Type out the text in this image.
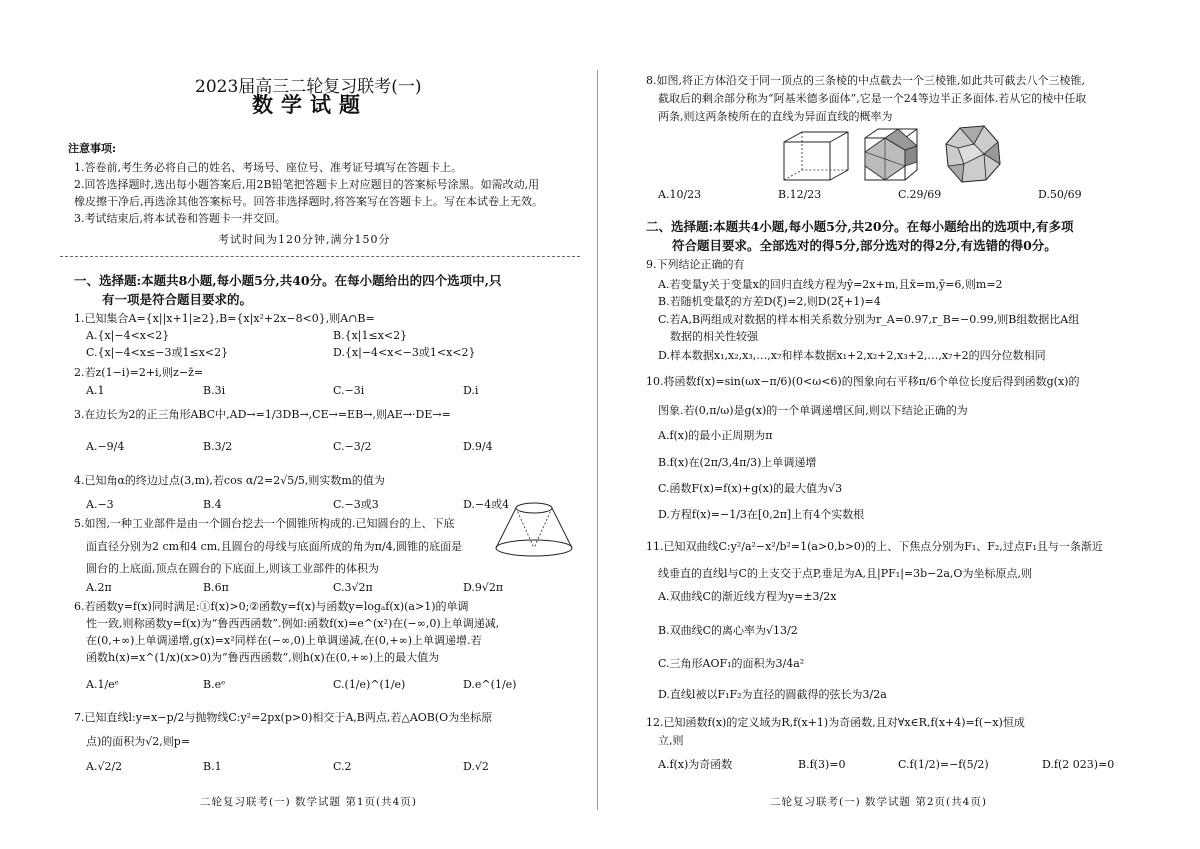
2023届高三二轮复习联考(一)
数学试题
注意事项:
1.答卷前,考生务必将自己的姓名、考场号、座位号、准考证号填写在答题卡上。
2.回答选择题时,选出每小题答案后,用2B铅笔把答题卡上对应题目的答案标号涂黑。如需改动,用
橡皮擦干净后,再选涂其他答案标号。回答非选择题时,将答案写在答题卡上。写在本试卷上无效。
3.考试结束后,将本试卷和答题卡一并交回。
考试时间为120分钟,满分150分
一、选择题:本题共8小题,每小题5分,共40分。在每小题给出的四个选项中,只
有一项是符合题目要求的。
1.已知集合A={x||x+1|≥2},B={x|x²+2x−8<0},则A∩B=
A.{x|−4<x<2}	B.{x|1≤x<2}
C.{x|−4<x≤−3或1≤x<2}	D.{x|−4<x<−3或1<x<2}
2.若z(1−i)=2+i,则z−z̄=
A.1	B.3i	C.−3i	D.i
3.在边长为2的正三角形ABC中,AD→=1/3DB→,CE→=EB→,则AE→·DE→=
A.−9/4	B.3/2	C.−3/2	D.9/4
4.已知角α的终边过点(3,m),若cos α/2=2√5/5,则实数m的值为
A.−3	B.4	C.−3或3	D.−4或4
5.如图,一种工业部件是由一个圆台挖去一个圆锥所构成的.已知圆台的上、下底
面直径分别为2 cm和4 cm,且圆台的母线与底面所成的角为π/4,圆锥的底面是
圆台的上底面,顶点在圆台的下底面上,则该工业部件的体积为
A.2π	B.6π	C.3√2π	D.9√2π
6.若函数y=f(x)同时满足:①f(x)>0;②函数y=f(x)与函数y=logₐf(x)(a>1)的单调
性一致,则称函数y=f(x)为“鲁西西函数”.例如:函数f(x)=e^(x²)在(−∞,0)上单调递减,
在(0,+∞)上单调递增,g(x)=x²同样在(−∞,0)上单调递减,在(0,+∞)上单调递增.若
函数h(x)=x^(1/x)(x>0)为“鲁西西函数”,则h(x)在(0,+∞)上的最大值为
A.1/eᵉ	B.eᵉ	C.(1/e)^(1/e)	D.e^(1/e)
7.已知直线l:y=x−p/2与抛物线C:y²=2px(p>0)相交于A,B两点,若△AOB(O为坐标原
点)的面积为√2,则p=
A.√2/2	B.1	C.2	D.√2
二轮复习联考(一) 数学试题 第1页(共4页)
8.如图,将正方体沿交于同一顶点的三条棱的中点截去一个三棱锥,如此共可截去八个三棱锥,
截取后的剩余部分称为“阿基米德多面体”,它是一个24等边半正多面体.若从它的棱中任取
两条,则这两条棱所在的直线为异面直线的概率为
A.10/23	B.12/23	C.29/69	D.50/69
二、选择题:本题共4小题,每小题5分,共20分。在每小题给出的选项中,有多项
符合题目要求。全部选对的得5分,部分选对的得2分,有选错的得0分。
9.下列结论正确的有
A.若变量y关于变量x的回归直线方程为ŷ=2x+m,且x̄=m,ȳ=6,则m=2
B.若随机变量ξ的方差D(ξ)=2,则D(2ξ+1)=4
C.若A,B两组成对数据的样本相关系数分别为r_A=0.97,r_B=−0.99,则B组数据比A组
数据的相关性较强
D.样本数据x₁,x₂,x₃,…,x₇和样本数据x₁+2,x₂+2,x₃+2,…,x₇+2的四分位数相同
10.将函数f(x)=sin(ωx−π/6)(0<ω<6)的图象向右平移π/6个单位长度后得到函数g(x)的
图象.若(0,π/ω)是g(x)的一个单调递增区间,则以下结论正确的为
A.f(x)的最小正周期为π
B.f(x)在(2π/3,4π/3)上单调递增
C.函数F(x)=f(x)+g(x)的最大值为√3
D.方程f(x)=−1/3在[0,2π]上有4个实数根
11.已知双曲线C:y²/a²−x²/b²=1(a>0,b>0)的上、下焦点分别为F₁、F₂,过点F₁且与一条渐近
线垂直的直线l与C的上支交于点P,垂足为A,且|PF₁|=3b−2a,O为坐标原点,则
A.双曲线C的渐近线方程为y=±3/2x
B.双曲线C的离心率为√13/2
C.三角形AOF₁的面积为3/4a²
D.直线l被以F₁F₂为直径的圆截得的弦长为3/2a
12.已知函数f(x)的定义域为R,f(x+1)为奇函数,且对∀x∈R,f(x+4)=f(−x)恒成
立,则
A.f(x)为奇函数	B.f(3)=0	C.f(1/2)=−f(5/2)	D.f(2 023)=0
二轮复习联考(一) 数学试题 第2页(共4页)
